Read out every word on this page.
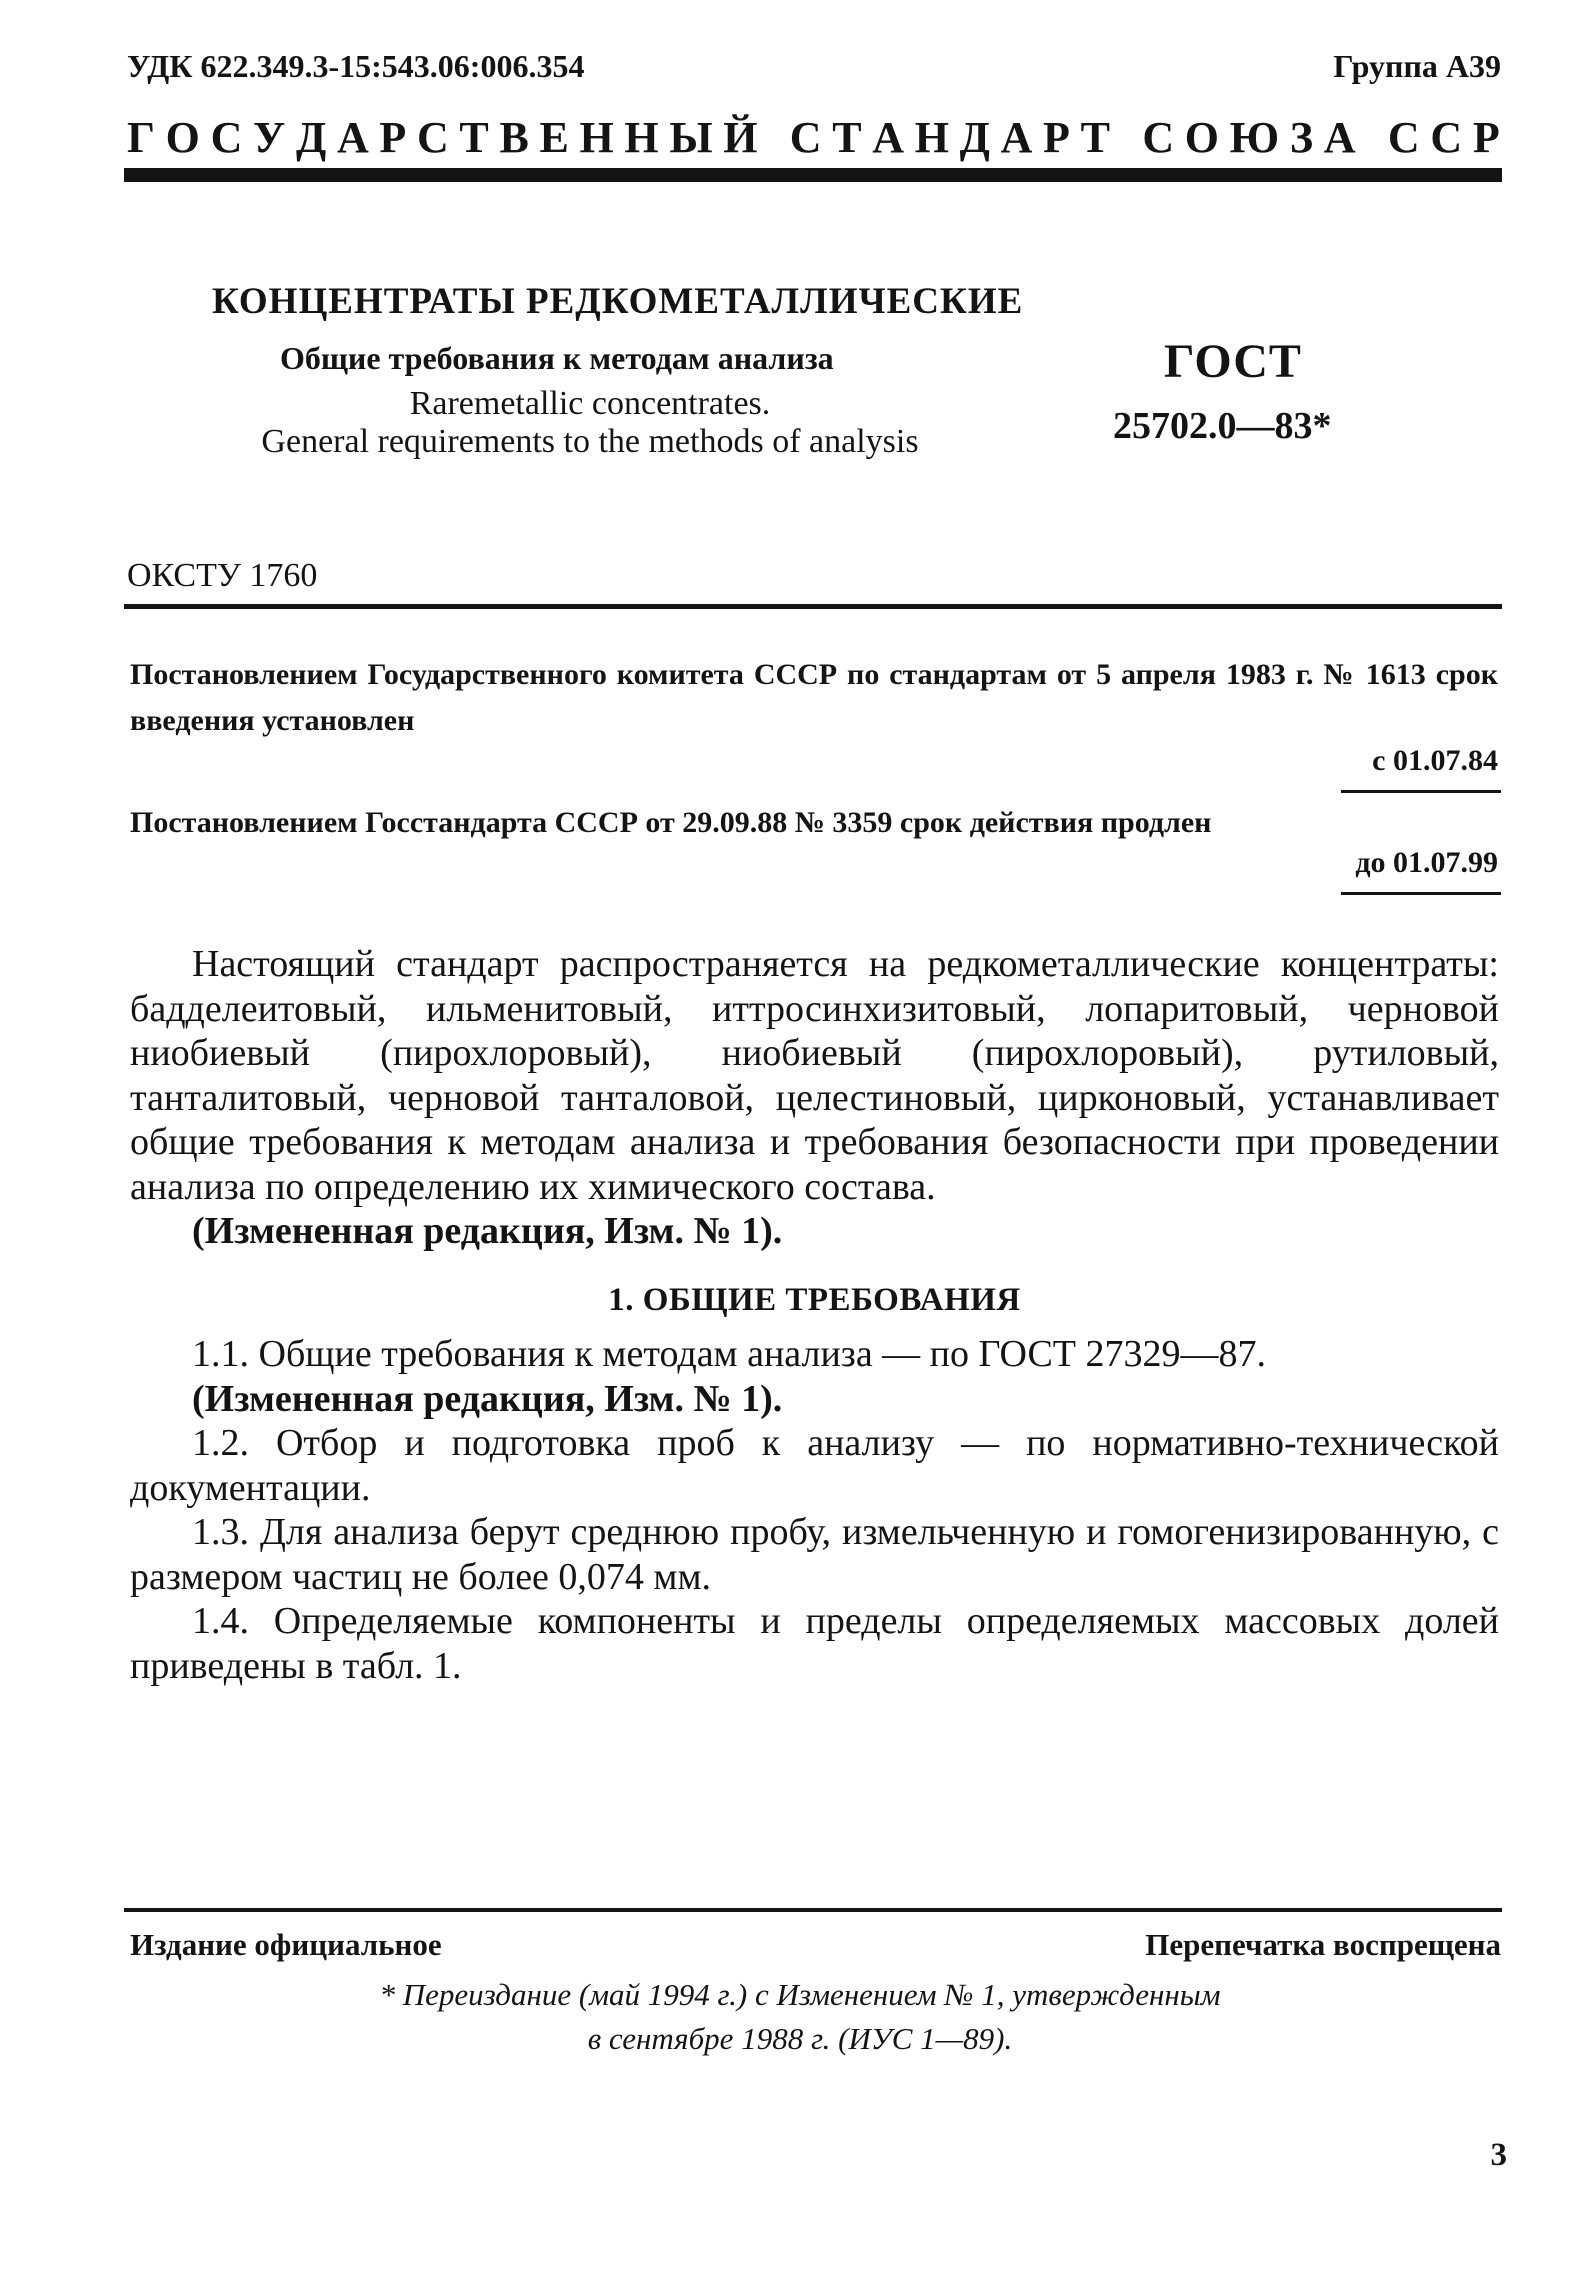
УДК 622.349.3-15:543.06:006.354	Группа А39
Г О С У Д А Р С Т В Е Н Н Ы Й
С Т А Н Д А Р Т
С О Ю З А
С С Р
КОНЦЕНТРАТЫ РЕДКОМЕТАЛЛИЧЕСКИЕ
Общие требования к методам анализа
Raremetallic concentrates.
General requirements to the methods of analysis
ГОСТ
25702.0—83*
ОКСТУ 1760
Постановлением Государственного комитета СССР по стандартам от 5 апреля 1983 г. № 1613 срок введения установлен
с 01.07.84
Постановлением Госстандарта СССР от 29.09.88 № 3359 срок действия продлен
до 01.07.99

Настоящий стандарт распространяется на редкометаллические концентраты: бадделеитовый, ильменитовый, иттросинхизитовый, лопаритовый, черновой ниобиевый (пирохлоровый), ниобиевый (пирохлоровый), рутиловый, танталитовый, черновой танталовой, целестиновый, цирконовый, устанавливает общие требования к методам анализа и требования безопасности при проведении анализа по определению их химического состава.

(Измененная редакция, Изм. № 1).

1. ОБЩИЕ ТРЕБОВАНИЯ

1.1. Общие требования к методам анализа — по ГОСТ 27329—87.

(Измененная редакция, Изм. № 1).

1.2. Отбор и подготовка проб к анализу — по нормативно-технической документации.

1.3. Для анализа берут среднюю пробу, измельченную и гомогенизированную, с размером частиц не более 0,074 мм.

1.4. Определяемые компоненты и пределы определяемых массовых долей приведены в табл. 1.

Издание официальное	Перепечатка воспрещена
* Переиздание (май 1994 г.) с Изменением № 1, утвержденным
в сентябре 1988 г. (ИУС 1—89).
3
